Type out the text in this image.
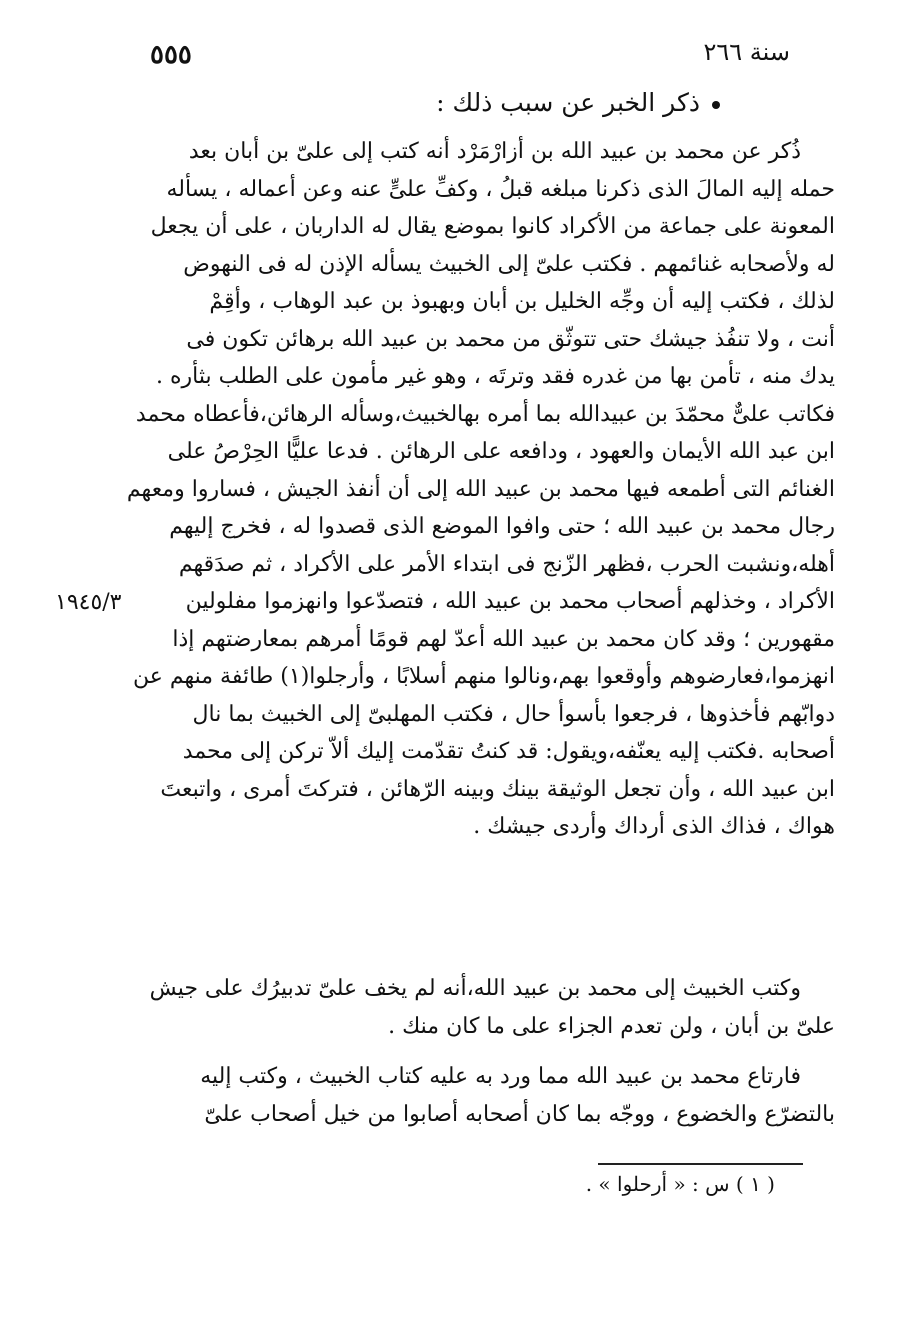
سنة ٢٦٦
٥٥٥
ذكر الخبر عن سبب ذلك :
١٩٤٥/٣
ذُكر عن محمد بن عبيد الله بن أزارْمَرْد أنه كتب إلى علىّ بن أبان بعد
حمله إليه المالَ الذى ذكرنا مبلغه قبلُ ، وكفِّ علىٍّ عنه وعن أعماله ، يسأله
المعونة على جماعة من الأكراد كانوا بموضع يقال له الداربان ، على أن يجعل
له ولأصحابه غنائمهم . فكتب علىّ إلى الخبيث يسأله الإذن له فى النهوض
لذلك ، فكتب إليه أن وجِّه الخليل بن أبان وبهبوذ بن عبد الوهاب ، وأقِمْ
أنت ، ولا تنفُذ جيشك حتى تتوثّق من محمد بن عبيد الله برهائن تكون فى
يدك منه ، تأمن بها من غدره فقد وترتَه ، وهو غير مأمون على الطلب بثأره .
فكاتب علىٌّ محمّدَ بن عبيدالله بما أمره بهالخبيث،وسأله الرهائن،فأعطاه محمد
ابن عبد الله الأيمان والعهود ، ودافعه على الرهائن . فدعا عليًّا الحِرْصُ على
الغنائم التى أطمعه فيها محمد بن عبيد الله إلى أن أنفذ الجيش ، فساروا ومعهم
رجال محمد بن عبيد الله ؛ حتى وافوا الموضع الذى قصدوا له ، فخرج إليهم
أهله،ونشبت الحرب ،فظهر الزّنج فى ابتداء الأمر على الأكراد ، ثم صدَقهم
الأكراد ، وخذلهم أصحاب محمد بن عبيد الله ، فتصدّعوا وانهزموا مفلولين
مقهورين ؛ وقد كان محمد بن عبيد الله أعدّ لهم قومًا أمرهم بمعارضتهم إذا
انهزموا،فعارضوهم وأوقعوا بهم،ونالوا منهم أسلابًا ، وأرجلوا(١) طائفة منهم عن
دوابّهم فأخذوها ، فرجعوا بأسوأ حال ، فكتب المهلبىّ إلى الخبيث بما نال
أصحابه .فكتب إليه يعنّفه،ويقول: قد كنتُ تقدّمت إليك ألاّ تركن إلى محمد
ابن عبيد الله ، وأن تجعل الوثيقة بينك وبينه الرّهائن ، فتركتَ أمرى ، واتبعتَ
هواك ، فذاك الذى أرداك وأردى جيشك .
وكتب الخبيث إلى محمد بن عبيد الله،أنه لم يخف علىّ تدبيرُك على جيش
علىّ بن أبان ، ولن تعدم الجزاء على ما كان منك .
فارتاع محمد بن عبيد الله مما ورد به عليه كتاب الخبيث ، وكتب إليه
بالتضرّع والخضوع ، ووجّه بما كان أصحابه أصابوا من خيل أصحاب علىّ
( ١ ) س : « أرحلوا » .
